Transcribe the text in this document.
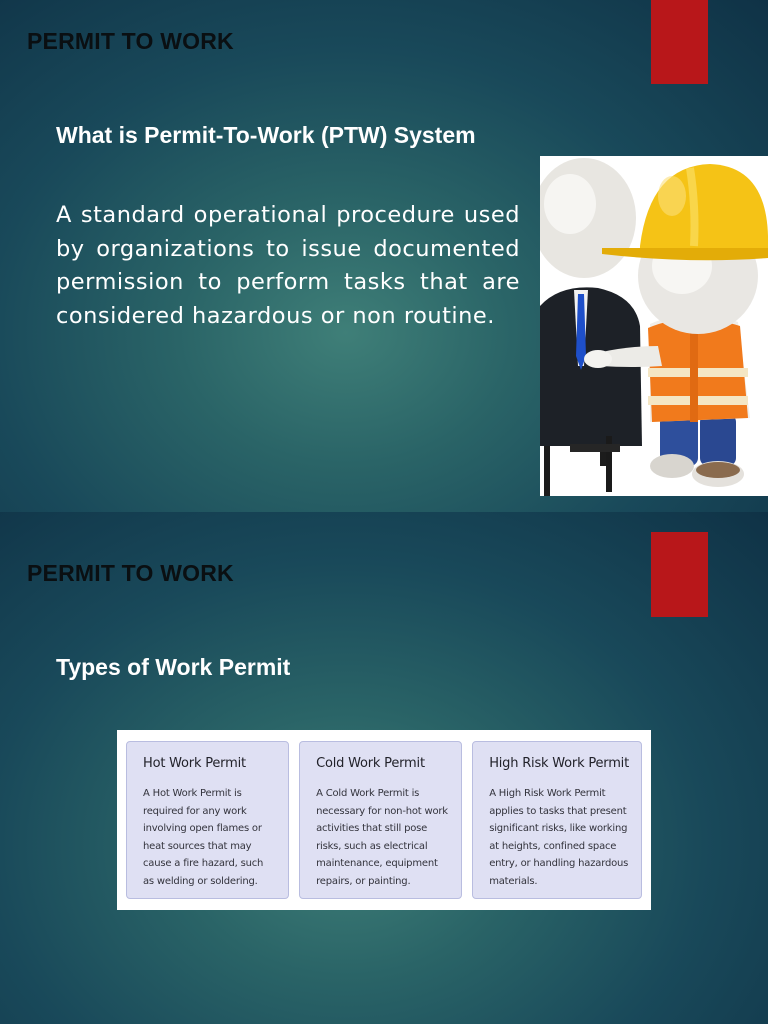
PERMIT TO WORK
What is Permit-To-Work (PTW) System
A standard operational procedure used by organizations to issue documented permission to perform tasks that are considered hazardous or non routine.
PERMIT TO WORK
Types of Work Permit
Hot Work Permit
A Hot Work Permit is required for any work involving open flames or heat sources that may cause a fire hazard, such as welding or soldering.
Cold Work Permit
A Cold Work Permit is necessary for non-hot work activities that still pose risks, such as electrical maintenance, equipment repairs, or painting.
High Risk Work Permit
A High Risk Work Permit applies to tasks that present significant risks, like working at heights, confined space entry, or handling hazardous materials.
